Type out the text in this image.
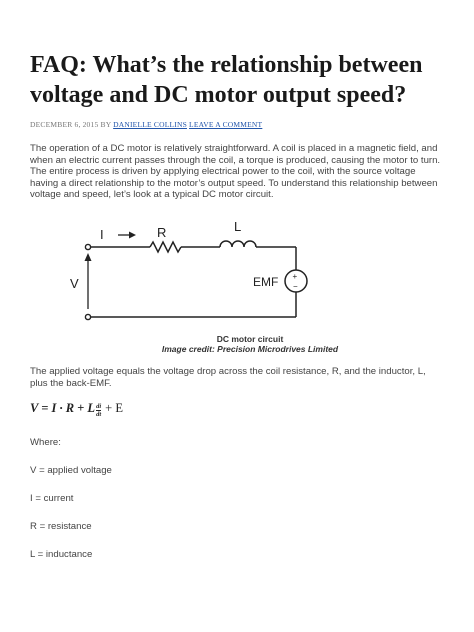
FAQ: What’s the relationship between voltage and DC motor output speed?
DECEMBER 6, 2015 BY DANIELLE COLLINS LEAVE A COMMENT

The operation of a DC motor is relatively straightforward. A coil is placed in a magnetic field, and when an electric current passes through the coil, a torque is produced, causing the motor to turn. The entire process is driven by applying electrical power to the coil, with the source voltage having a direct relationship to the motor’s output speed. To understand this relationship between voltage and speed, let’s look at a typical DC motor circuit.

I	R	L
V	EMF +
−
DC motor circuit
Image credit: Precision Microdrives Limited

The applied voltage equals the voltage drop across the coil resistance, R, and the inductor, L, plus the back-EMF.

V = I · R + L $\frac{di}{dt} + E$
Where:
V = applied voltage
I = current
R = resistance
L = inductance
